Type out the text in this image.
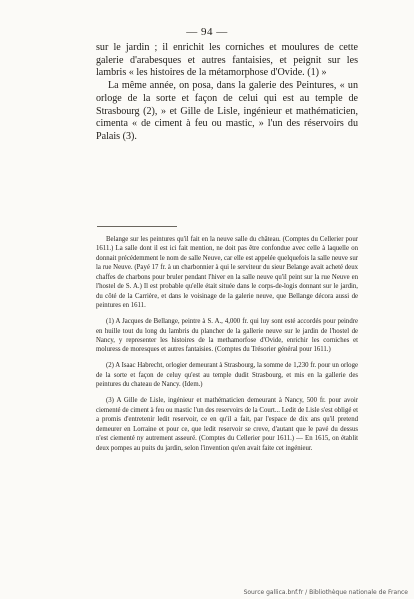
— 94 —

sur le jardin ; il enrichit les corniches et moulures de cette galerie d'arabesques et autres fantaisies, et peignit sur les lambris « les histoires de la métamorphose d'Ovide. (1) »

La même année, on posa, dans la galerie des Peintures, « un orloge de la sorte et façon de celui qui est au temple de Strasbourg (2), » et Gille de Lisle, ingénieur et mathématicien, cimenta « de ciment à feu ou mastic, » l'un des réservoirs du Palais (3).

Belange sur les peintures qu'il fait en la neuve salle du château. (Comptes du Cellerier pour 1611.) La salle dont il est ici fait mention, ne doit pas être confondue avec celle à laquelle on donnait précédemment le nom de salle Neuve, car elle est appelée quelquefois la salle neuve sur la rue Neuve. (Payé 17 fr. à un charbonnier à qui le serviteur du sieur Belange avait acheté deux chaffes de charbons pour bruler pendant l'hiver en la salle neuve qu'il peint sur la rue Neuve en l'hostel de S. A.) Il est probable qu'elle était située dans le corps-de-logis donnant sur le jardin, du côté de la Carrière, et dans le voisinage de la galerie neuve, que Bellange décora aussi de peintures en 1611.

(1) A Jacques de Bellange, peintre à S. A., 4,000 fr. qui luy sont esté accordés pour peindre en huille tout du long du lambris du plancher de la gallerie neuve sur le jardin de l'hostel de Nancy, y representer les histoires de la methamorfose d'Ovide, enrichir les corniches et moluress de moresques et autres fantaisies. (Comptes du Trésorier général pour 1611.)

(2) A Isaac Habrecht, orlogier demeurant à Strasbourg, la somme de 1,230 fr. pour un orloge de la sorte et façon de celuy qu'est au temple dudit Strasbourg, et mis en la gallerie des peintures du chateau de Nancy. (Idem.)

(3) A Gille de Lisle, ingénieur et mathématicien demeurant à Nancy, 500 fr. pour avoir ciementé de ciment à feu ou mastic l'un des reservoirs de la Court... Ledit de Lisle s'est obligé et a promis d'entretenir ledit reservoir, ce en qu'il a fait, par l'espace de dix ans qu'il pretend demeurer en Lorraine et pour ce, que ledit reservoir se creve, d'autant que le pavé du dessus n'est ciementé ny autrement asseuré. (Comptes du Cellerier pour 1611.) — En 1615, on établit deux pompes au puits du jardin, selon l'invention qu'en avait faite cet ingénieur.

Source gallica.bnf.fr / Bibliothèque nationale de France
